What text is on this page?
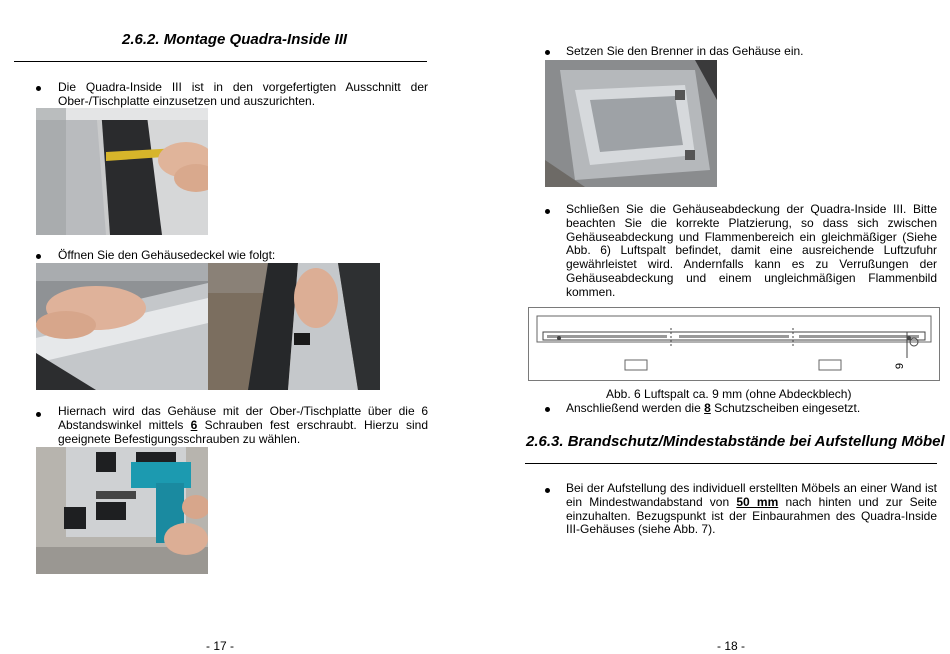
2.6.2. Montage Quadra-Inside III
Die Quadra-Inside III ist in den vorgefertigten Ausschnitt der Ober-/Tischplatte einzusetzen und auszurichten.
Öffnen Sie den Gehäusedeckel wie folgt:
Hiernach wird das Gehäuse mit der Ober-/Tischplatte über die 6 Abstandswinkel mittels 6 Schrauben fest erschraubt. Hierzu sind geeignete Befestigungsschrauben zu wählen.
- 17 -
Setzen Sie den Brenner in das Gehäuse ein.
Schließen Sie die Gehäuseabdeckung der Quadra-Inside III. Bitte beachten Sie die korrekte Platzierung, so dass sich zwischen Gehäuseabdeckung und Flammenbereich ein gleichmäßiger (Siehe Abb. 6) Luftspalt befindet, damit eine ausreichende Luftzufuhr gewährleistet wird. Andernfalls kann es zu Verrußungen der Gehäuseabdeckung und einem ungleichmäßigen Flammenbild kommen.
9
Abb. 6 Luftspalt ca. 9 mm (ohne Abdeckblech)
Anschließend werden die 8 Schutzscheiben eingesetzt.
2.6.3. Brandschutz/Mindestabstände bei Aufstellung Möbel
Bei der Aufstellung des individuell erstellten Möbels an einer Wand ist ein Mindestwandabstand von 50 mm nach hinten und zur Seite einzuhalten. Bezugspunkt ist der Einbaurahmen des Quadra-Inside III-Gehäuses (siehe Abb. 7).
- 18 -
